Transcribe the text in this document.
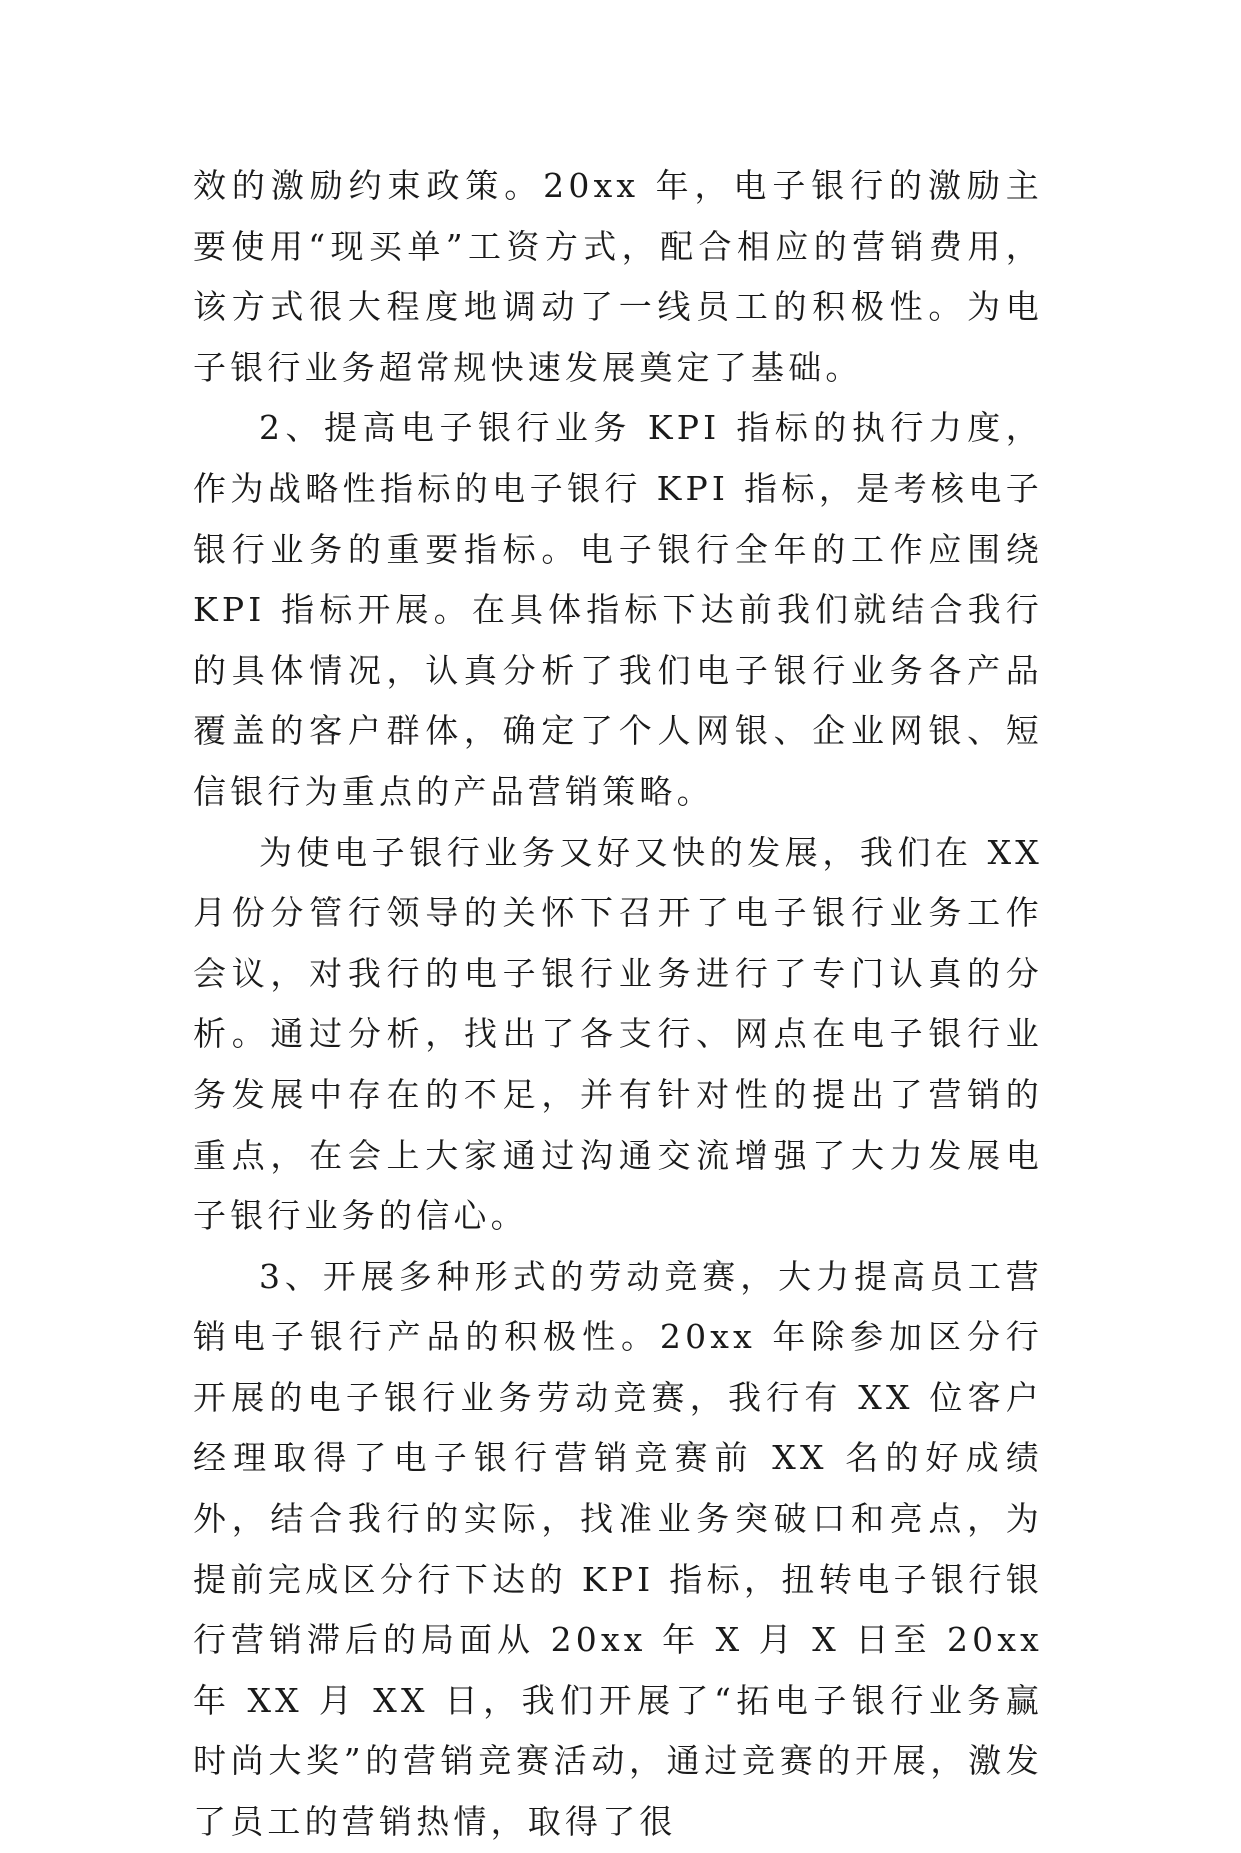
效的激励约束政策。20xx 年，电子银行的激励主要使用“现买单”工资方式，配合相应的营销费用，该方式很大程度地调动了一线员工的积极性。为电子银行业务超常规快速发展奠定了基础。

2、提高电子银行业务 KPI 指标的执行力度，作为战略性指标的电子银行 KPI 指标，是考核电子银行业务的重要指标。电子银行全年的工作应围绕 KPI 指标开展。在具体指标下达前我们就结合我行的具体情况，认真分析了我们电子银行业务各产品覆盖的客户群体，确定了个人网银、企业网银、短信银行为重点的产品营销策略。

为使电子银行业务又好又快的发展，我们在 XX 月份分管行领导的关怀下召开了电子银行业务工作会议，对我行的电子银行业务进行了专门认真的分析。通过分析，找出了各支行、网点在电子银行业务发展中存在的不足，并有针对性的提出了营销的重点，在会上大家通过沟通交流增强了大力发展电子银行业务的信心。

3、开展多种形式的劳动竞赛，大力提高员工营销电子银行产品的积极性。20xx 年除参加区分行开展的电子银行业务劳动竞赛，我行有 XX 位客户经理取得了电子银行营销竞赛前 XX 名的好成绩外，结合我行的实际，找准业务突破口和亮点，为提前完成区分行下达的 KPI 指标，扭转电子银行银行营销滞后的局面从 20xx 年 X 月 X 日至 20xx 年 XX 月 XX 日，我们开展了“拓电子银行业务赢时尚大奖”的营销竞赛活动，通过竞赛的开展，激发了员工的营销热情，取得了很
